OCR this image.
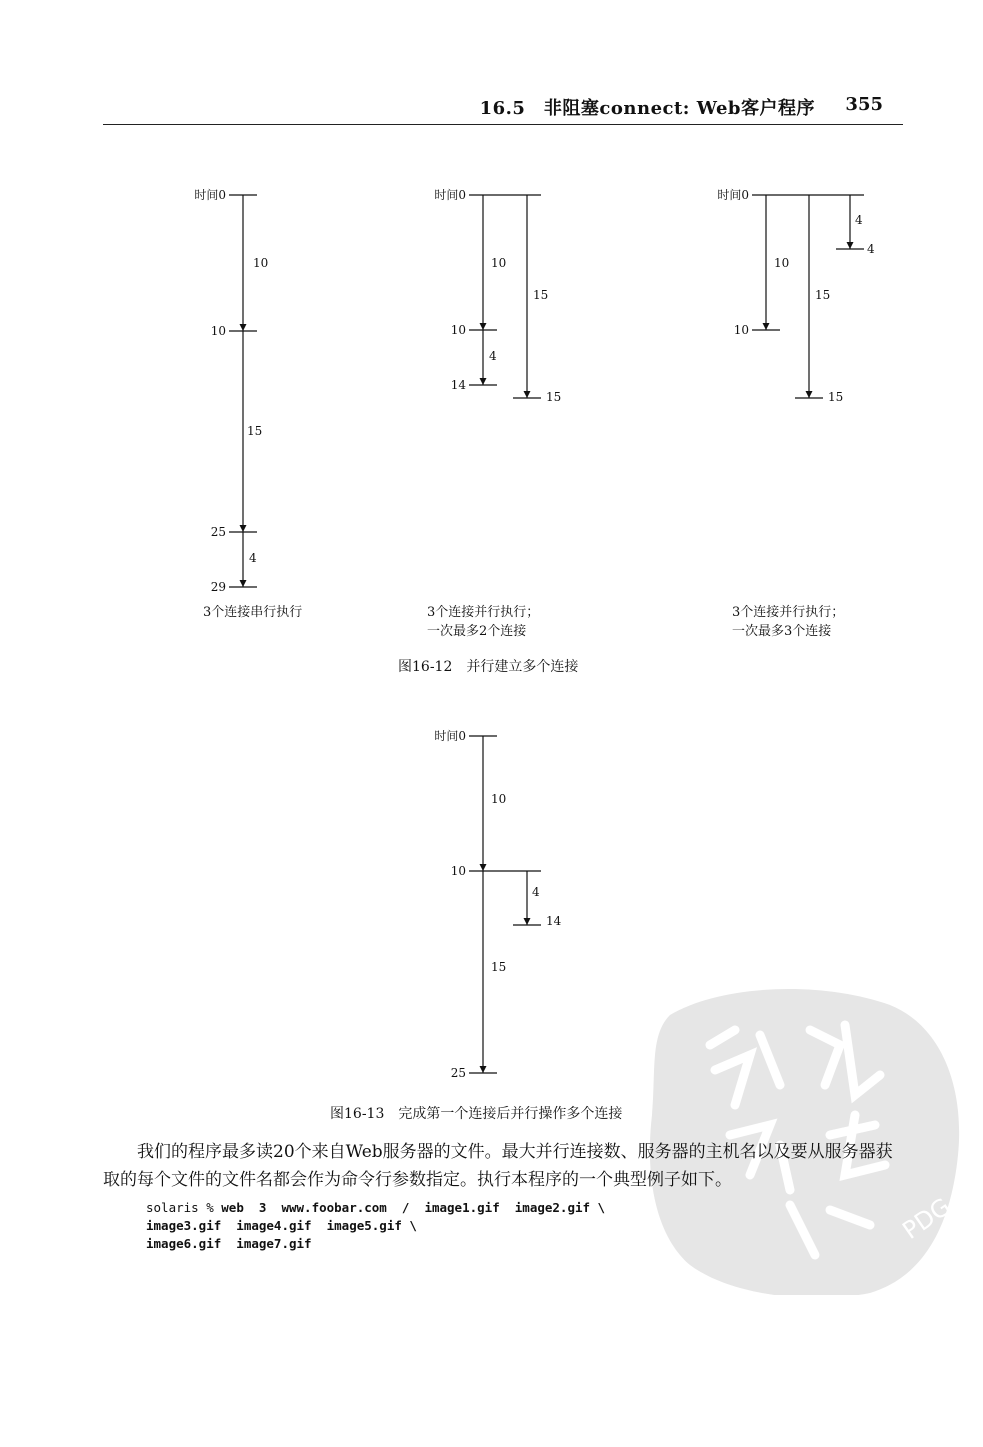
16.5　非阻塞connect: Web客户程序 355
时间0
10
10
15
25
4
29
时间0
10
10
4
14
15
15
时间0
4
4
10
10
15
15
时间0
10
10
4
14
15
25
3个连接串行执行	3个连接并行执行；
一次最多2个连接
3个连接并行执行；
一次最多3个连接
图16-12　并行建立多个连接
图16-13　完成第一个连接后并行操作多个连接
PDG
我们的程序最多读20个来自Web服务器的文件。最大并行连接数、服务器的主机名以及要从服务器获取的每个文件的文件名都会作为命令行参数指定。执行本程序的一个典型例子如下。
solaris % web  3  www.foobar.com  /  image1.gif  image2.gif \
image3.gif  image4.gif  image5.gif \
image6.gif  image7.gif
